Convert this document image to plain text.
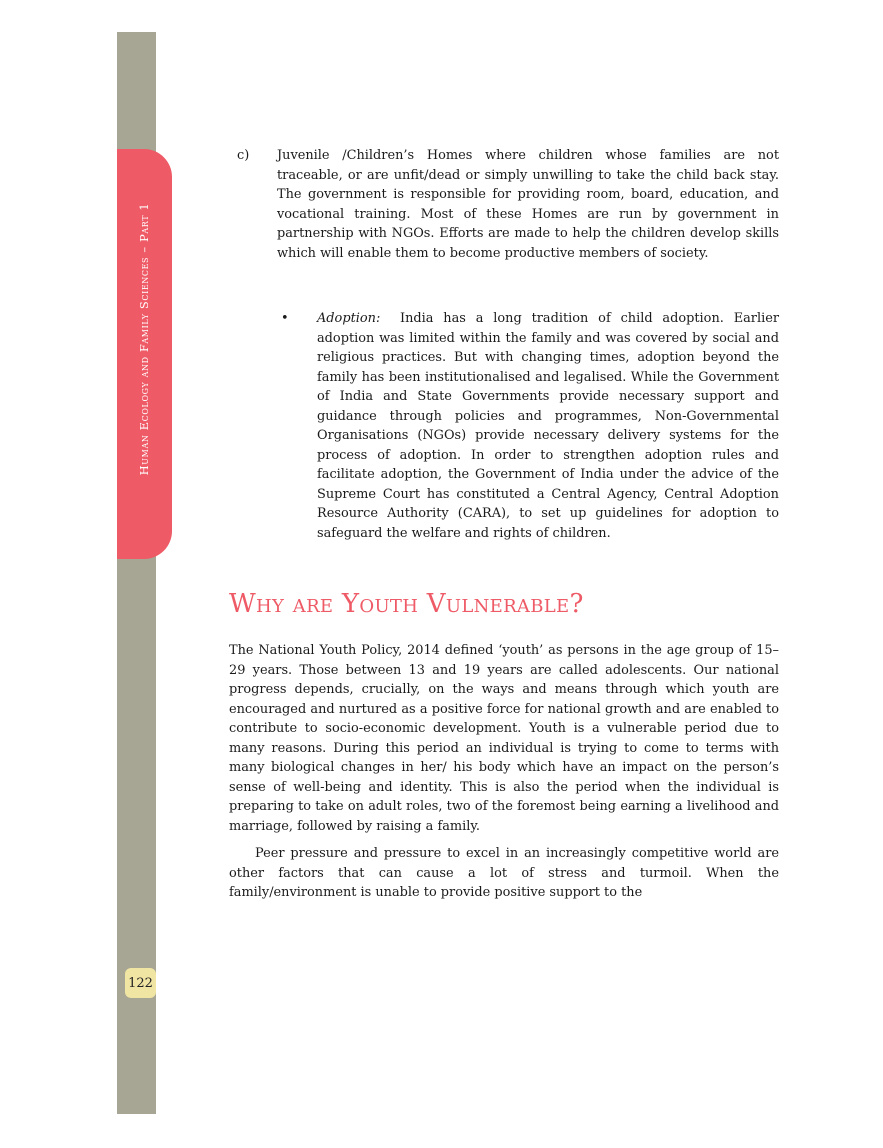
Human Ecology and Family Sciences – Part 1
122
c)	Juvenile /Children’s Homes where children whose families are not traceable, or are unfit/dead or simply unwilling to take the child back stay. The government is responsible for providing room, board, education, and vocational training. Most of these Homes are run by government in partnership with NGOs. Efforts are made to help the children develop skills which will enable them to become productive members of society.
•	Adoption: India has a long tradition of child adoption. Earlier adoption was limited within the family and was covered by social and religious practices. But with changing times, adoption beyond the family has been institutionalised and legalised. While the Government of India and State Governments provide necessary support and guidance through policies and programmes, Non-Governmental Organisations (NGOs) provide necessary delivery systems for the process of adoption. In order to strengthen adoption rules and facilitate adoption, the Government of India under the advice of the Supreme Court has constituted a Central Agency, Central Adoption Resource Authority (CARA), to set up guidelines for adoption to safeguard the welfare and rights of children.
Why are Youth Vulnerable?

The National Youth Policy, 2014 defined ‘youth’ as persons in the age group of 15–29 years. Those between 13 and 19 years are called adolescents. Our national progress depends, crucially, on the ways and means through which youth are encouraged and nurtured as a positive force for national growth and are enabled to contribute to socio-economic development. Youth is a vulnerable period due to many reasons. During this period an individual is trying to come to terms with many biological changes in her/ his body which have an impact on the person’s sense of well-being and identity. This is also the period when the individual is preparing to take on adult roles, two of the foremost being earning a livelihood and marriage, followed by raising a family.

Peer pressure and pressure to excel in an increasingly competitive world are other factors that can cause a lot of stress and turmoil. When the family/environment is unable to provide positive support to the
